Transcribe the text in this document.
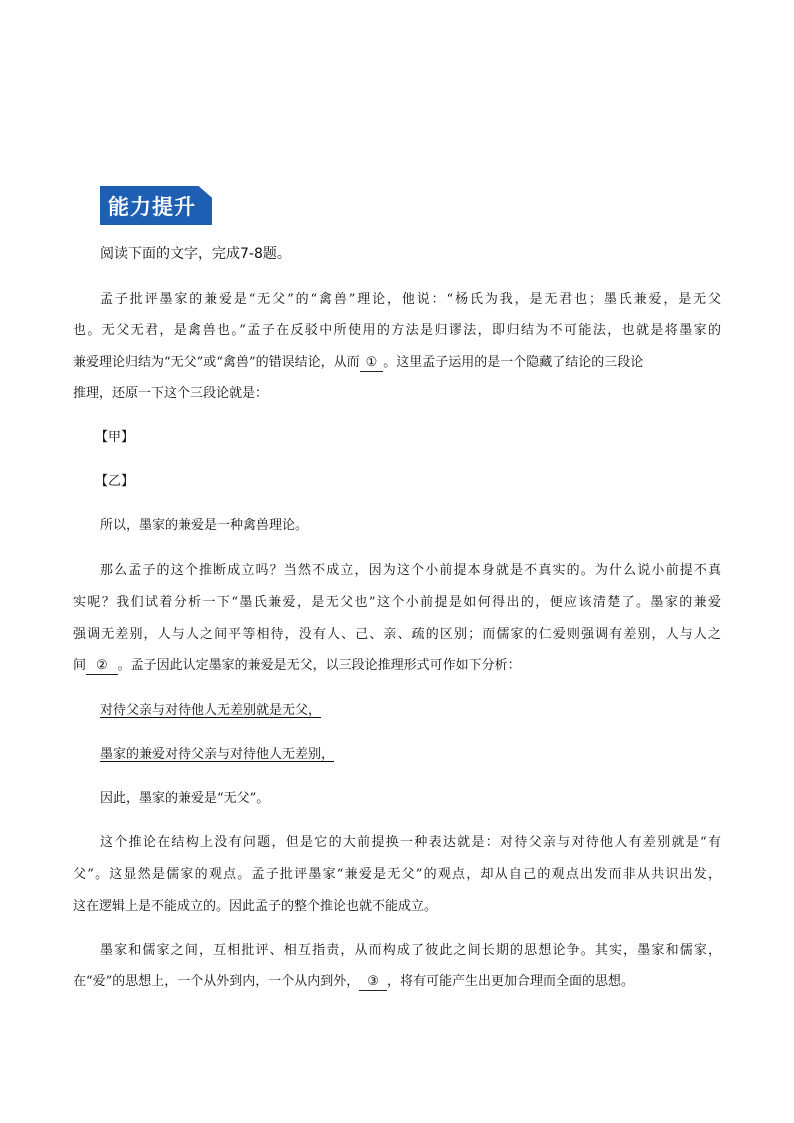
能力提升
阅读下面的文字，完成7-8题。
孟子批评墨家的兼爱是“无父”的“禽兽”理论，他说：“杨氏为我，是无君也；墨氏兼爱，是无父
也。无父无君，是禽兽也。”孟子在反驳中所使用的方法是归谬法，即归结为不可能法，也就是将墨家的
兼爱理论归结为“无父”或“禽兽”的错误结论，从而 ① 。这里孟子运用的是一个隐藏了结论的三段论
推理，还原一下这个三段论就是：
【甲】
【乙】
所以，墨家的兼爱是一种禽兽理论。
那么孟子的这个推断成立吗？当然不成立，因为这个小前提本身就是不真实的。为什么说小前提不真
实呢？我们试着分析一下“墨氏兼爱，是无父也”这个小前提是如何得出的，便应该清楚了。墨家的兼爱
强调无差别，人与人之间平等相待，没有人、己、亲、疏的区别；而儒家的仁爱则强调有差别，人与人之
间 ② 。孟子因此认定墨家的兼爱是无父，以三段论推理形式可作如下分析：
对待父亲与对待他人无差别就是无父，
墨家的兼爱对待父亲与对待他人无差别，
因此，墨家的兼爱是“无父”。
这个推论在结构上没有问题，但是它的大前提换一种表达就是：对待父亲与对待他人有差别就是“有
父”。这显然是儒家的观点。孟子批评墨家“兼爱是无父”的观点，却从自己的观点出发而非从共识出发，
这在逻辑上是不能成立的。因此孟子的整个推论也就不能成立。
墨家和儒家之间，互相批评、相互指责，从而构成了彼此之间长期的思想论争。其实，墨家和儒家，
在“爱”的思想上，一个从外到内，一个从内到外， ③ ，将有可能产生出更加合理而全面的思想。
